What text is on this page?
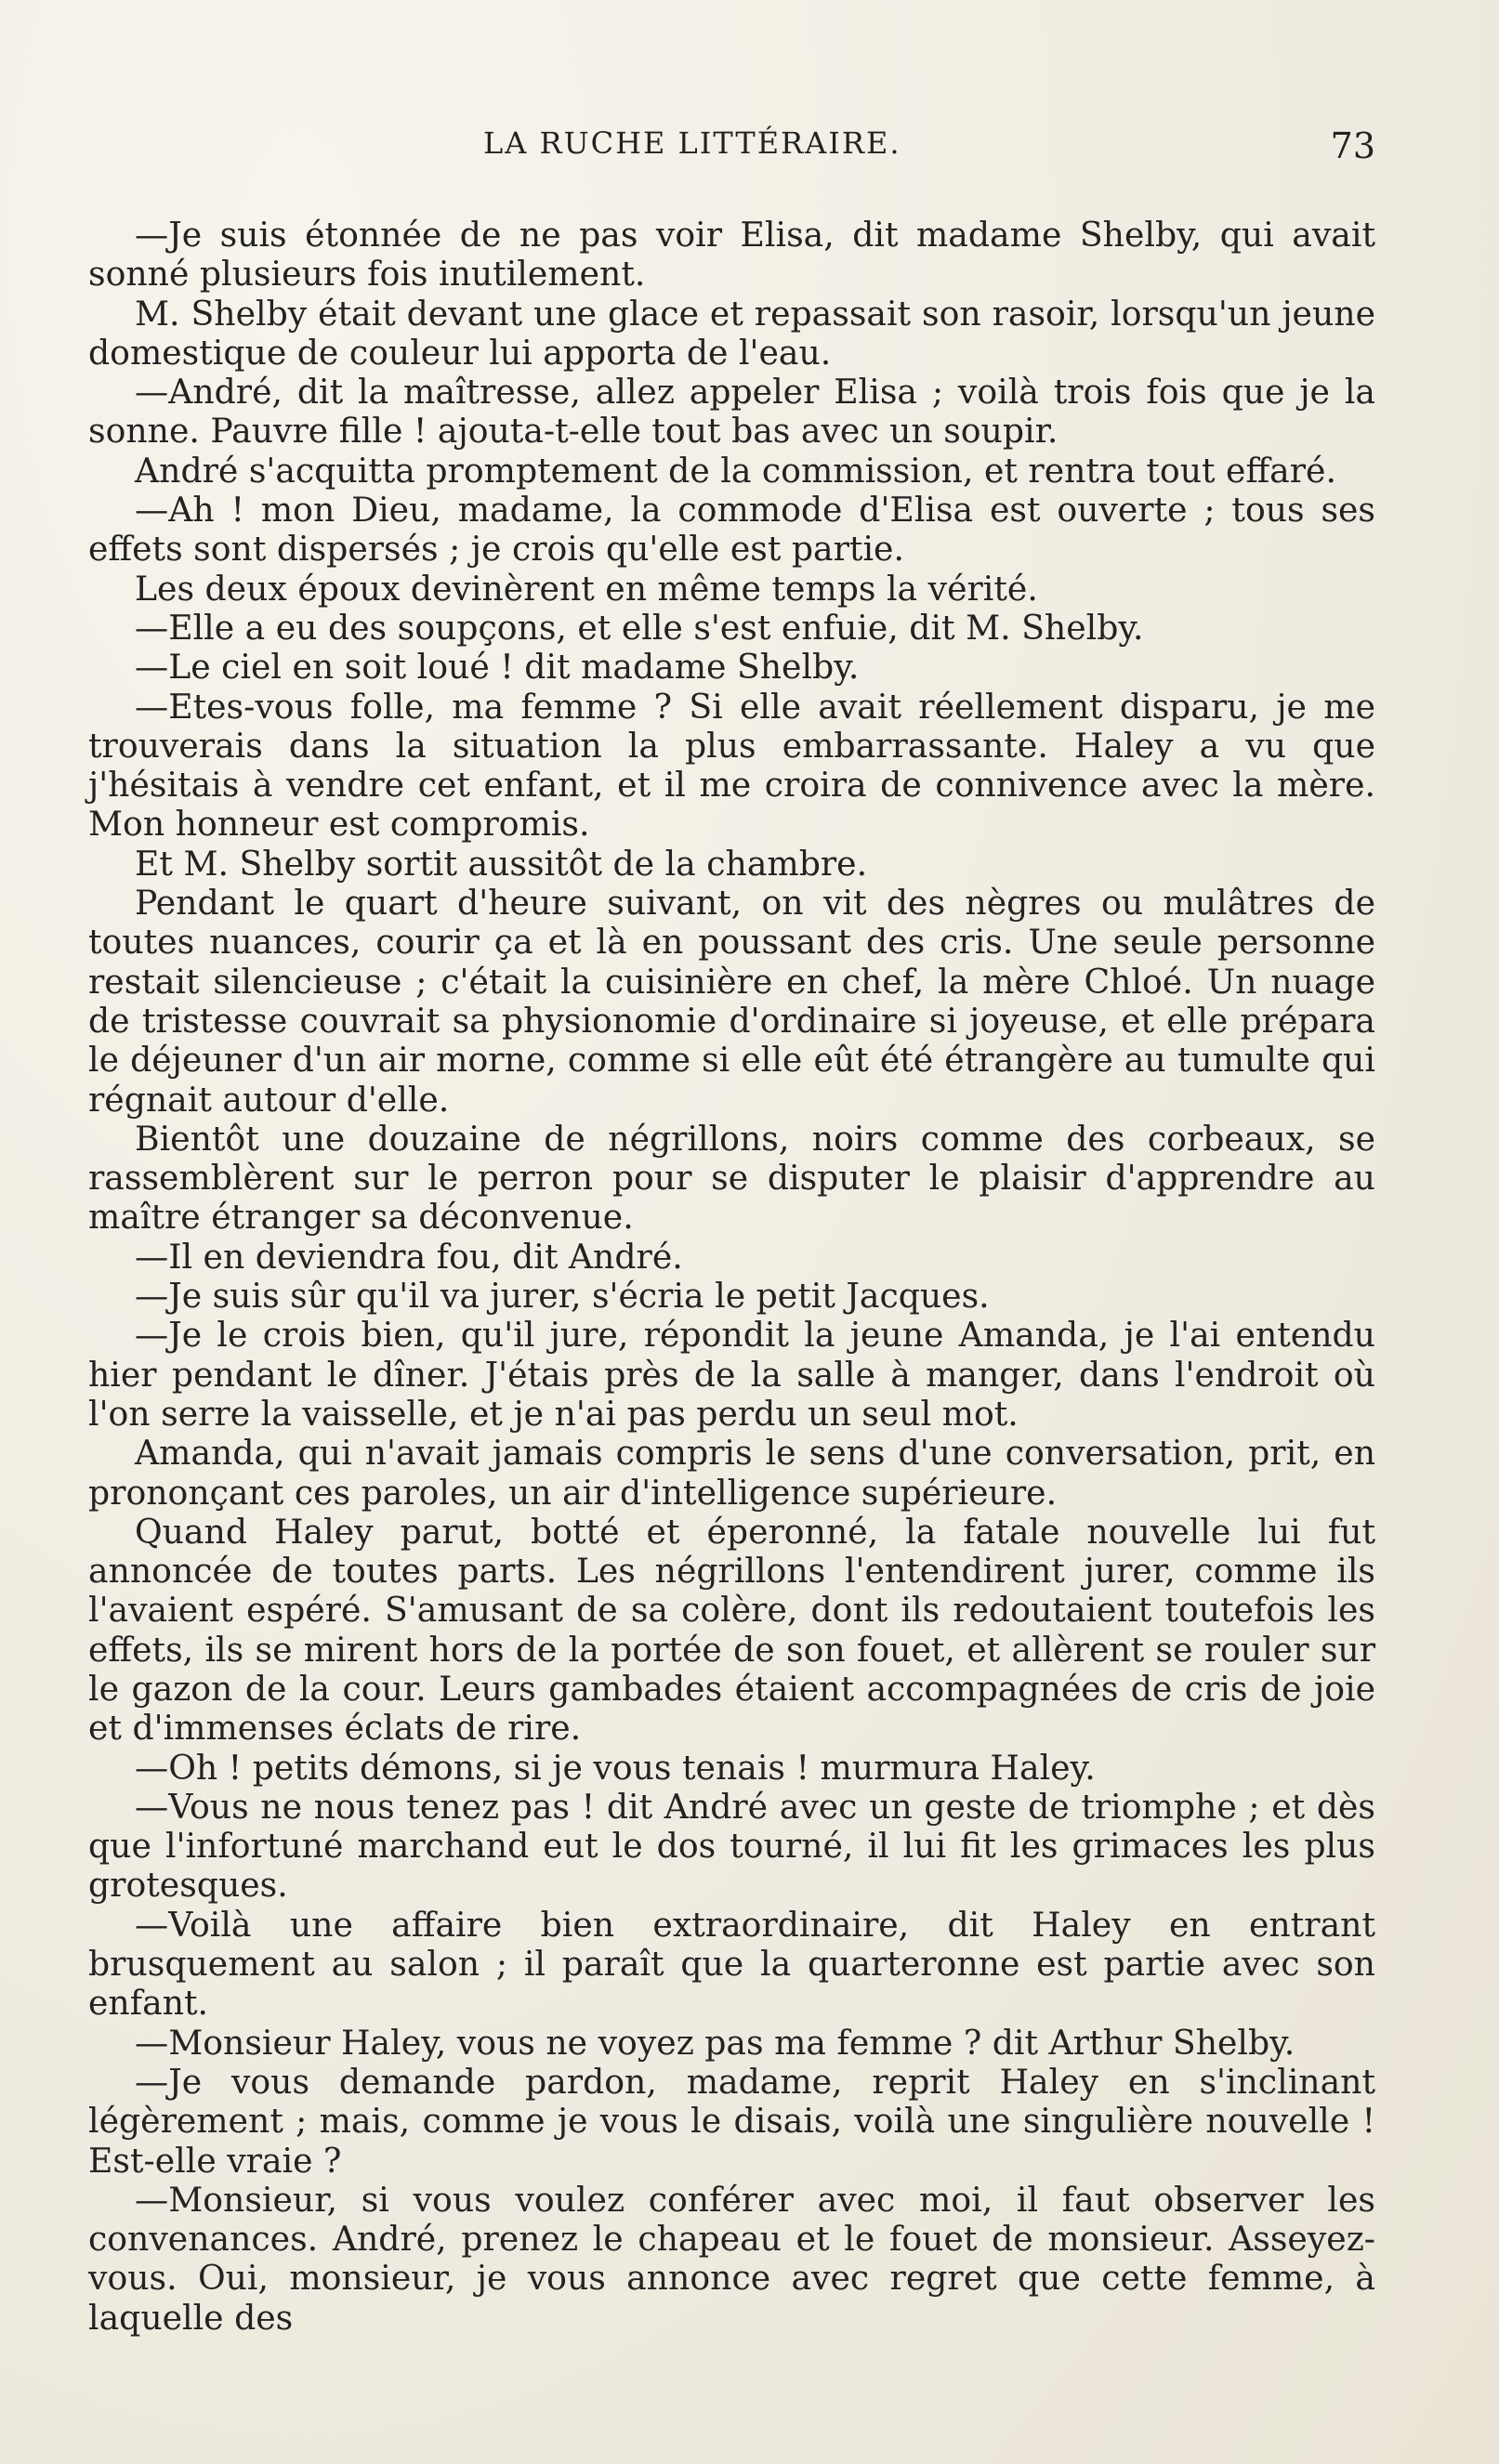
LA RUCHE LITTÉRAIRE.	73

—Je suis étonnée de ne pas voir Elisa, dit madame Shelby, qui avait sonné plusieurs fois inutilement.

M. Shelby était devant une glace et repassait son rasoir, lorsqu'un jeune domestique de couleur lui apporta de l'eau.

—André, dit la maîtresse, allez appeler Elisa ; voilà trois fois que je la sonne. Pauvre fille ! ajouta-t-elle tout bas avec un soupir.

André s'acquitta promptement de la commission, et rentra tout effaré.

—Ah ! mon Dieu, madame, la commode d'Elisa est ouverte ; tous ses effets sont dispersés ; je crois qu'elle est partie.

Les deux époux devinèrent en même temps la vérité.

—Elle a eu des soupçons, et elle s'est enfuie, dit M. Shelby.

—Le ciel en soit loué ! dit madame Shelby.

—Etes-vous folle, ma femme ? Si elle avait réellement disparu, je me trouverais dans la situation la plus embarrassante. Haley a vu que j'hésitais à vendre cet enfant, et il me croira de connivence avec la mère. Mon honneur est compromis.

Et M. Shelby sortit aussitôt de la chambre.

Pendant le quart d'heure suivant, on vit des nègres ou mulâtres de toutes nuances, courir ça et là en poussant des cris. Une seule personne restait silencieuse ; c'était la cuisinière en chef, la mère Chloé. Un nuage de tristesse couvrait sa physionomie d'ordinaire si joyeuse, et elle prépara le déjeuner d'un air morne, comme si elle eût été étrangère au tumulte qui régnait autour d'elle.

Bientôt une douzaine de négrillons, noirs comme des corbeaux, se rassemblèrent sur le perron pour se disputer le plaisir d'apprendre au maître étranger sa déconvenue.

—Il en deviendra fou, dit André.

—Je suis sûr qu'il va jurer, s'écria le petit Jacques.

—Je le crois bien, qu'il jure, répondit la jeune Amanda, je l'ai entendu hier pendant le dîner. J'étais près de la salle à manger, dans l'endroit où l'on serre la vaisselle, et je n'ai pas perdu un seul mot.

Amanda, qui n'avait jamais compris le sens d'une conversation, prit, en prononçant ces paroles, un air d'intelligence supérieure.

Quand Haley parut, botté et éperonné, la fatale nouvelle lui fut annoncée de toutes parts. Les négrillons l'entendirent jurer, comme ils l'avaient espéré. S'amusant de sa colère, dont ils redoutaient toutefois les effets, ils se mirent hors de la portée de son fouet, et allèrent se rouler sur le gazon de la cour. Leurs gambades étaient accompagnées de cris de joie et d'immenses éclats de rire.

—Oh ! petits démons, si je vous tenais ! murmura Haley.

—Vous ne nous tenez pas ! dit André avec un geste de triomphe ; et dès que l'infortuné marchand eut le dos tourné, il lui fit les grimaces les plus grotesques.

—Voilà une affaire bien extraordinaire, dit Haley en entrant brusquement au salon ; il paraît que la quarteronne est partie avec son enfant.

—Monsieur Haley, vous ne voyez pas ma femme ? dit Arthur Shelby.

—Je vous demande pardon, madame, reprit Haley en s'inclinant légèrement ; mais, comme je vous le disais, voilà une singulière nouvelle ! Est-elle vraie ?

—Monsieur, si vous voulez conférer avec moi, il faut observer les convenances. André, prenez le chapeau et le fouet de monsieur. Asseyez-vous. Oui, monsieur, je vous annonce avec regret que cette femme, à laquelle des
